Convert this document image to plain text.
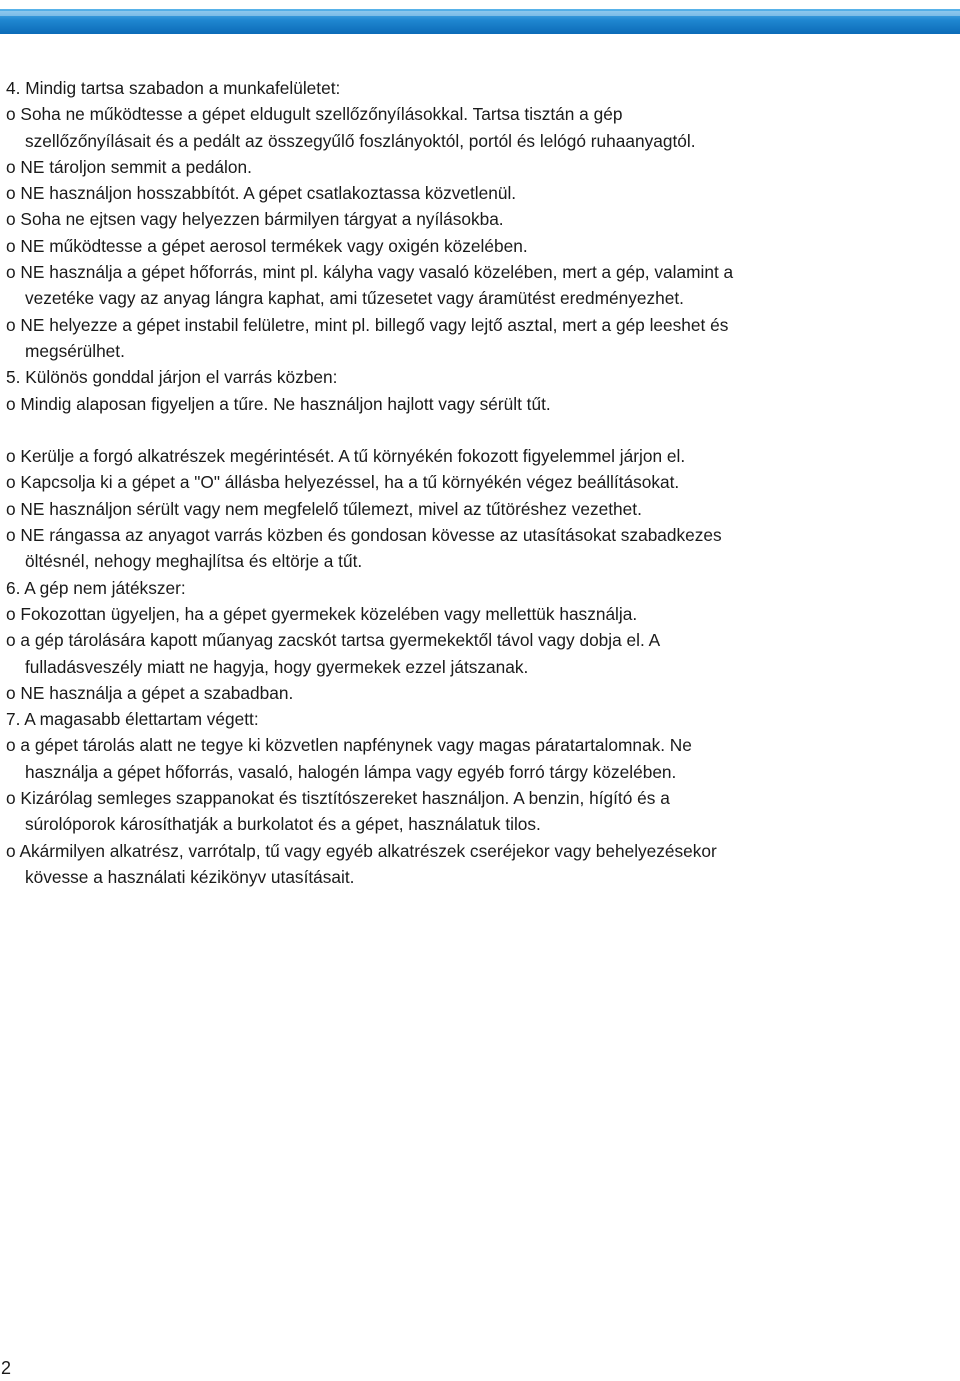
4. Mindig tartsa szabadon a munkafelületet:
o Soha ne működtesse a gépet eldugult szellőzőnyílásokkal. Tartsa tisztán a gép
szellőzőnyílásait és a pedált az összegyűlő foszlányoktól, portól és lelógó ruhaanyagtól.
o NE tároljon semmit a pedálon.
o NE használjon hosszabbítót. A gépet csatlakoztassa közvetlenül.
o Soha ne ejtsen vagy helyezzen bármilyen tárgyat a nyílásokba.
o NE működtesse a gépet aerosol termékek vagy oxigén közelében.
o NE használja a gépet hőforrás, mint pl. kályha vagy vasaló közelében, mert a gép, valamint a
vezetéke vagy az anyag lángra kaphat, ami tűzesetet vagy áramütést eredményezhet.
o NE helyezze a gépet instabil felületre, mint pl. billegő vagy lejtő asztal, mert a gép leeshet és
megsérülhet.
5. Különös gonddal járjon el varrás közben:
o Mindig alaposan figyeljen a tűre. Ne használjon hajlott vagy sérült tűt.
o Kerülje a forgó alkatrészek megérintését. A tű környékén fokozott figyelemmel járjon el.
o Kapcsolja ki a gépet a "O" állásba helyezéssel, ha a tű környékén végez beállításokat.
o NE használjon sérült vagy nem megfelelő tűlemezt, mivel az tűtöréshez vezethet.
o NE rángassa az anyagot varrás közben és gondosan kövesse az utasításokat szabadkezes
öltésnél, nehogy meghajlítsa és eltörje a tűt.
6. A gép nem játékszer:
o Fokozottan ügyeljen, ha a gépet gyermekek közelében vagy mellettük használja.
o a gép tárolására kapott műanyag zacskót tartsa gyermekektől távol vagy dobja el. A
fulladásveszély miatt ne hagyja, hogy gyermekek ezzel játszanak.
o NE használja a gépet a szabadban.
7. A magasabb élettartam végett:
o a gépet tárolás alatt ne tegye ki közvetlen napfénynek vagy magas páratartalomnak. Ne
használja a gépet hőforrás, vasaló, halogén lámpa vagy egyéb forró tárgy közelében.
o Kizárólag semleges szappanokat és tisztítószereket használjon. A benzin, hígító és a
súrolóporok károsíthatják a burkolatot és a gépet, használatuk tilos.
o Akármilyen alkatrész, varrótalp, tű vagy egyéb alkatrészek cseréjekor vagy behelyezésekor
kövesse a használati kézikönyv utasításait.
2
